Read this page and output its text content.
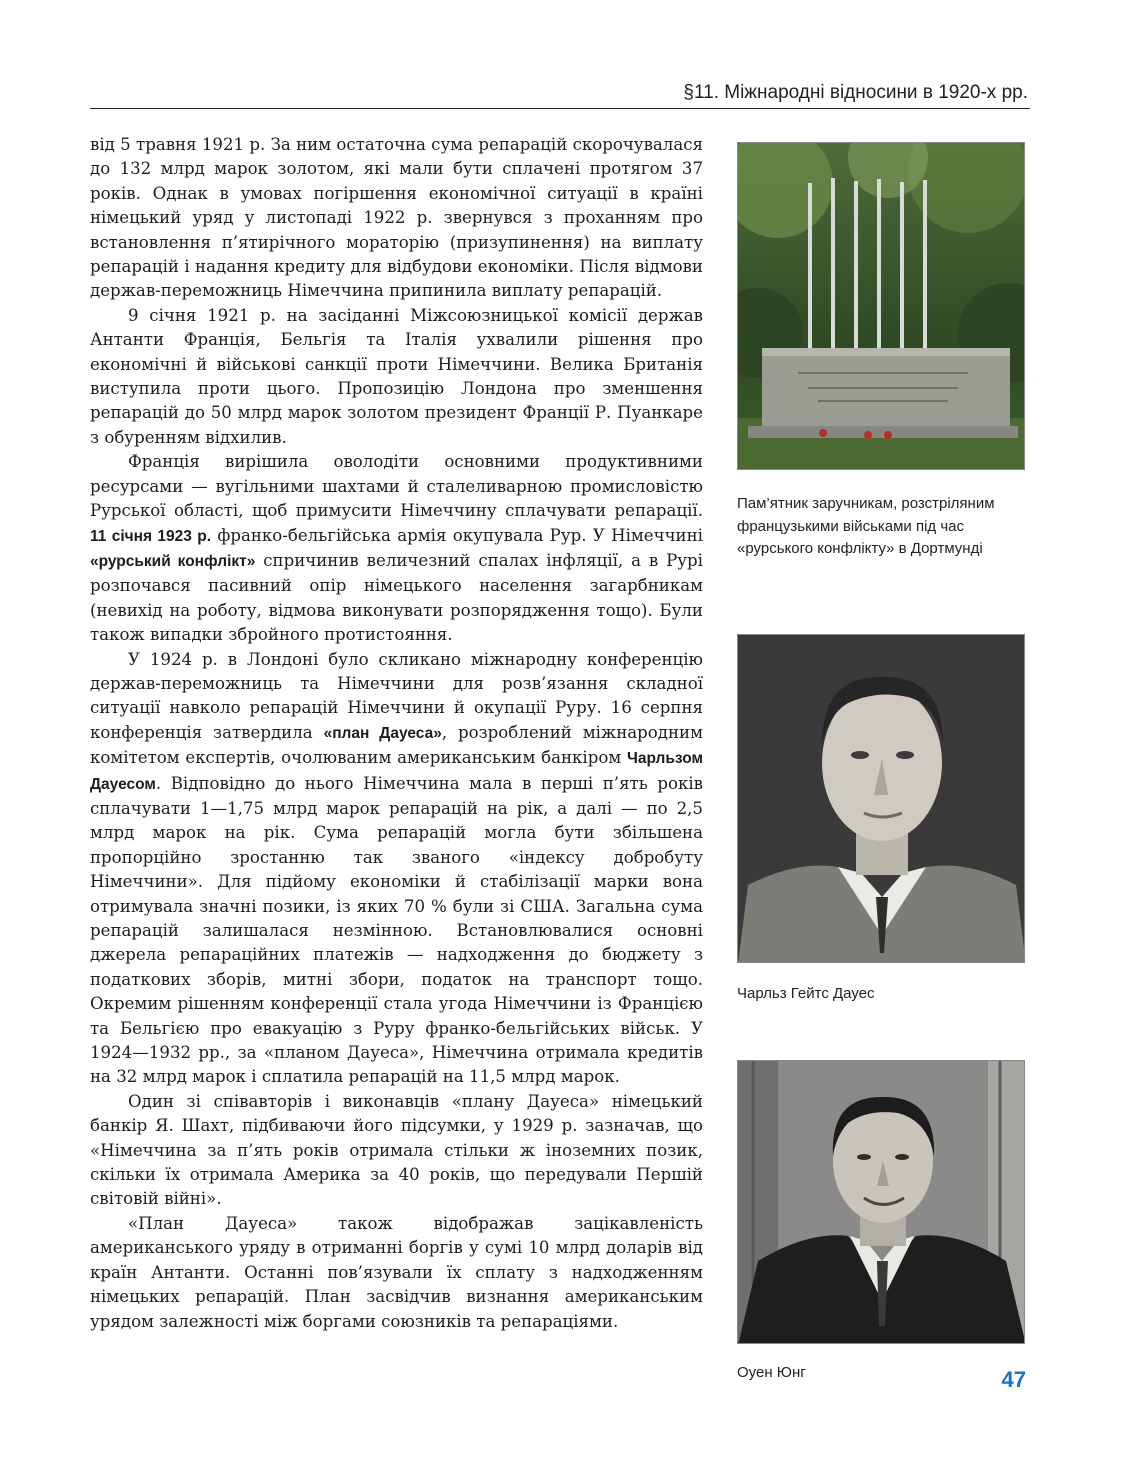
§11. Міжнародні відносини в 1920-х рр.

від 5 травня 1921 р. За ним остаточна сума репарацій скорочувалася до 132 млрд марок золотом, які мали бути сплачені протягом 37 років. Однак в умовах погіршення економічної ситуації в країні німецький уряд у листопаді 1922 р. звернувся з проханням про встановлення п’ятирічного мораторію (призупинення) на виплату репарацій і надання кредиту для відбудови економіки. Після відмови держав-переможниць Німеччина припинила виплату репарацій.

9 січня 1921 р. на засіданні Міжсоюзницької комісії держав Антанти Франція, Бельгія та Італія ухвалили рішення про економічні й військові санкції проти Німеччини. Велика Британія виступила проти цього. Пропозицію Лондона про зменшення репарацій до 50 млрд марок золотом президент Франції Р. Пуанкаре з обуренням відхилив.

Франція вирішила оволодіти основними продуктивними ресурсами — вугільними шахтами й сталеливарною промисловістю Рурської області, щоб примусити Німеччину сплачувати репарації. 11 січня 1923 р. франко-бельгійська армія окупувала Рур. У Німеччині «рурський конфлікт» спричинив величезний спалах інфляції, а в Рурі розпочався пасивний опір німецького населення загарбникам (невихід на роботу, відмова виконувати розпорядження тощо). Були також випадки збройного протистояння.

У 1924 р. в Лондоні було скликано міжнародну конференцію держав-переможниць та Німеччини для розв’язання складної ситуації навколо репарацій Німеччини й окупації Руру. 16 серпня конференція затвердила «план Дауеса», розроблений міжнародним комітетом експертів, очолюваним американським банкіром Чарльзом Дауесом. Відповідно до нього Німеччина мала в перші п’ять років сплачувати 1—1,75 млрд марок репарацій на рік, а далі — по 2,5 млрд марок на рік. Сума репарацій могла бути збільшена пропорційно зростанню так званого «індексу добробуту Німеччини». Для підйому економіки й стабілізації марки вона отримувала значні позики, із яких 70 % були зі США. Загальна сума репарацій залишалася незмінною. Встановлювалися основні джерела репараційних платежів — надходження до бюджету з податкових зборів, митні збори, податок на транспорт тощо. Окремим рішенням конференції стала угода Німеччини із Францією та Бельгією про евакуацію з Руру франко-бельгійських військ. У 1924—1932 рр., за «планом Дауеса», Німеччина отримала кредитів на 32 млрд марок і сплатила репарацій на 11,5 млрд марок.

Один зі співавторів і виконавців «плану Дауеса» німецький банкір Я. Шахт, підбиваючи його підсумки, у 1929 р. зазначав, що «Німеччина за п’ять років отримала стільки ж іноземних позик, скільки їх отримала Америка за 40 років, що передували Першій світовій війні».

«План Дауеса» також відображав зацікавленість американського уряду в отриманні боргів у сумі 10 млрд доларів від країн Антанти. Останні пов’язували їх сплату з надходженням німецьких репарацій. План засвідчив визнання американським урядом залежності між боргами союзників та репараціями.

Пам’ятник заручникам, розстріляним французькими військами під час «рурського конфлікту» в Дортмунді
Чарльз Гейтс Дауес
Оуен Юнг	47
